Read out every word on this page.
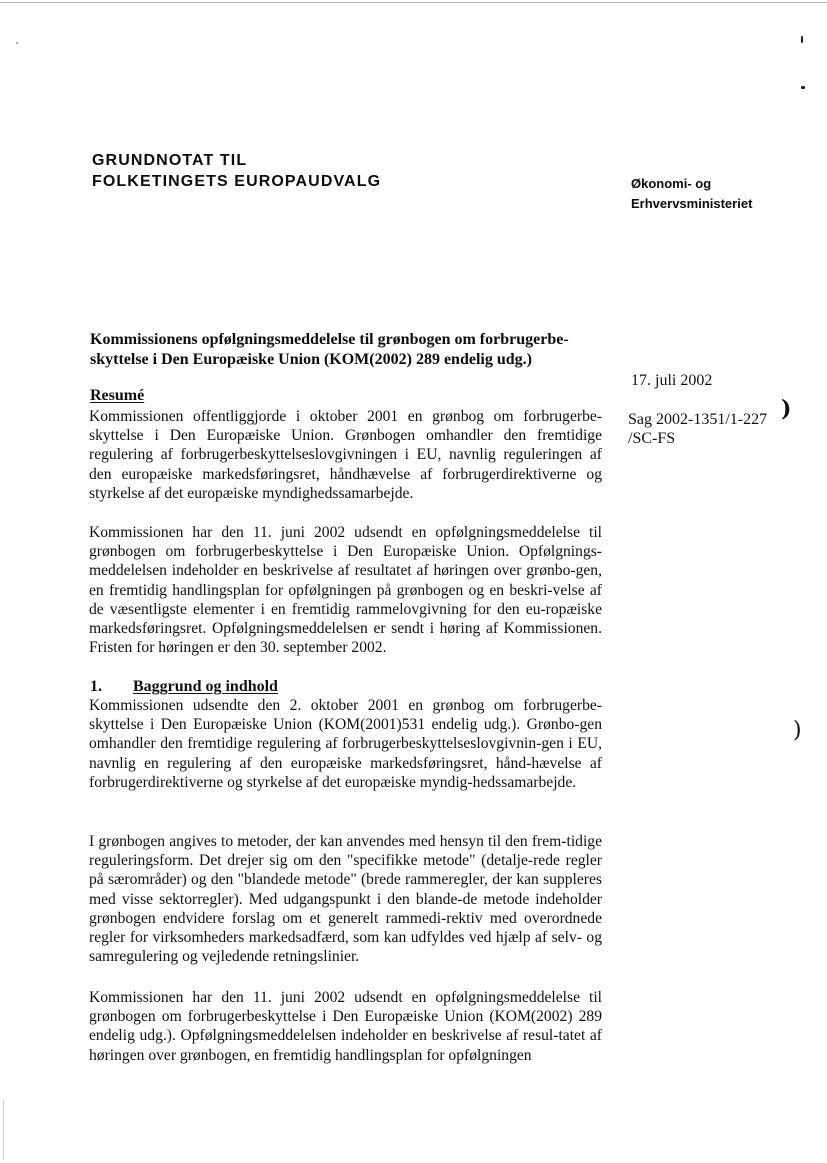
GRUNDNOTAT TIL
FOLKETINGETS EUROPAUDVALG	Økonomi- og
Erhvervsministeriet
Kommissionens opfølgningsmeddelelse til grønbogen om forbrugerbe-skyttelse i Den Europæiske Union (KOM(2002) 289 endelig udg.)
17. juli 2002
Sag 2002-1351/1-227
/SC-FS
)
)
Resumé
Kommissionen offentliggjorde i oktober 2001 en grønbog om forbrugerbe-skyttelse i Den Europæiske Union. Grønbogen omhandler den fremtidige regulering af forbrugerbeskyttelseslovgivningen i EU, navnlig reguleringen af den europæiske markedsføringsret, håndhævelse af forbrugerdirektiverne og styrkelse af det europæiske myndighedssamarbejde.
Kommissionen har den 11. juni 2002 udsendt en opfølgningsmeddelelse til grønbogen om forbrugerbeskyttelse i Den Europæiske Union. Opfølgnings-meddelelsen indeholder en beskrivelse af resultatet af høringen over grønbo-gen, en fremtidig handlingsplan for opfølgningen på grønbogen og en beskri-velse af de væsentligste elementer i en fremtidig rammelovgivning for den eu-ropæiske markedsføringsret. Opfølgningsmeddelelsen er sendt i høring af Kommissionen. Fristen for høringen er den 30. september 2002.
1. Baggrund og indhold
Kommissionen udsendte den 2. oktober 2001 en grønbog om forbrugerbe-skyttelse i Den Europæiske Union (KOM(2001)531 endelig udg.). Grønbo-gen omhandler den fremtidige regulering af forbrugerbeskyttelseslovgivnin-gen i EU, navnlig en regulering af den europæiske markedsføringsret, hånd-hævelse af forbrugerdirektiverne og styrkelse af det europæiske myndig-hedssamarbejde.
I grønbogen angives to metoder, der kan anvendes med hensyn til den frem-tidige reguleringsform. Det drejer sig om den "specifikke metode" (detalje-rede regler på særområder) og den "blandede metode" (brede rammeregler, der kan suppleres med visse sektorregler). Med udgangspunkt i den blande-de metode indeholder grønbogen endvidere forslag om et generelt rammedi-rektiv med overordnede regler for virksomheders markedsadfærd, som kan udfyldes ved hjælp af selv- og samregulering og vejledende retningslinier.
Kommissionen har den 11. juni 2002 udsendt en opfølgningsmeddelelse til grønbogen om forbrugerbeskyttelse i Den Europæiske Union (KOM(2002) 289 endelig udg.). Opfølgningsmeddelelsen indeholder en beskrivelse af resul-tatet af høringen over grønbogen, en fremtidig handlingsplan for opfølgningen
